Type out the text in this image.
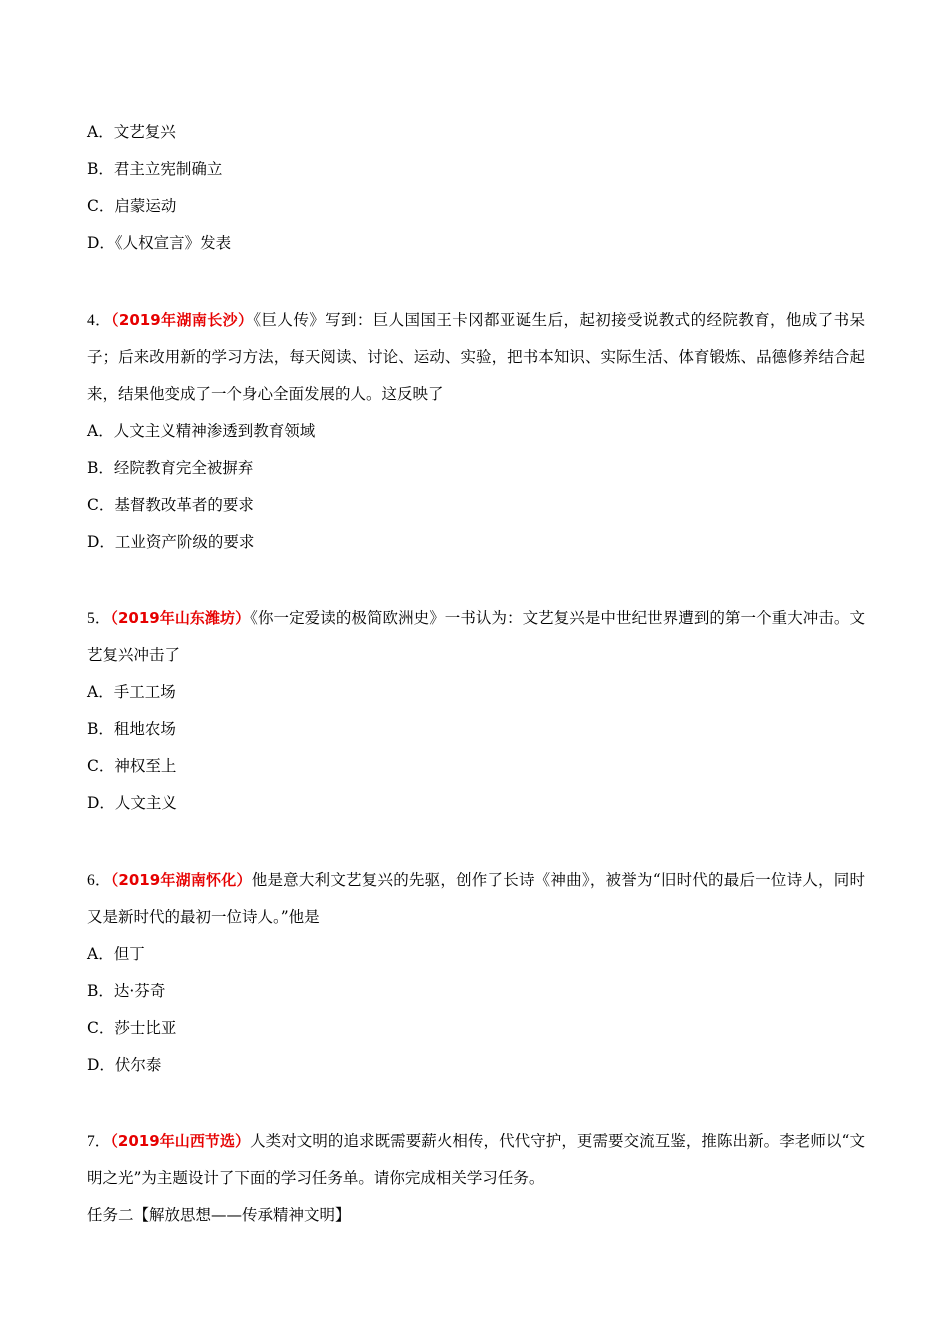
A．文艺复兴
B．君主立宪制确立
C．启蒙运动
D．《人权宣言》发表
4．（2019年湖南长沙）《巨人传》写到：巨人国国王卡冈都亚诞生后，起初接受说教式的经院教育，他成了书呆子；后来改用新的学习方法，每天阅读、讨论、运动、实验，把书本知识、实际生活、体育锻炼、品德修养结合起来，结果他变成了一个身心全面发展的人。这反映了
A．人文主义精神渗透到教育领域
B．经院教育完全被摒弃
C．基督教改革者的要求
D．工业资产阶级的要求
5．（2019年山东潍坊）《你一定爱读的极简欧洲史》一书认为：文艺复兴是中世纪世界遭到的第一个重大冲击。文艺复兴冲击了
A．手工工场
B．租地农场
C．神权至上
D．人文主义
6．（2019年湖南怀化）他是意大利文艺复兴的先驱，创作了长诗《神曲》，被誉为“旧时代的最后一位诗人，同时又是新时代的最初一位诗人。”他是
A．但丁
B．达·芬奇
C．莎士比亚
D．伏尔泰
7．（2019年山西节选）人类对文明的追求既需要薪火相传，代代守护，更需要交流互鉴，推陈出新。李老师以“文明之光”为主题设计了下面的学习任务单。请你完成相关学习任务。
任务二【解放思想——传承精神文明】
